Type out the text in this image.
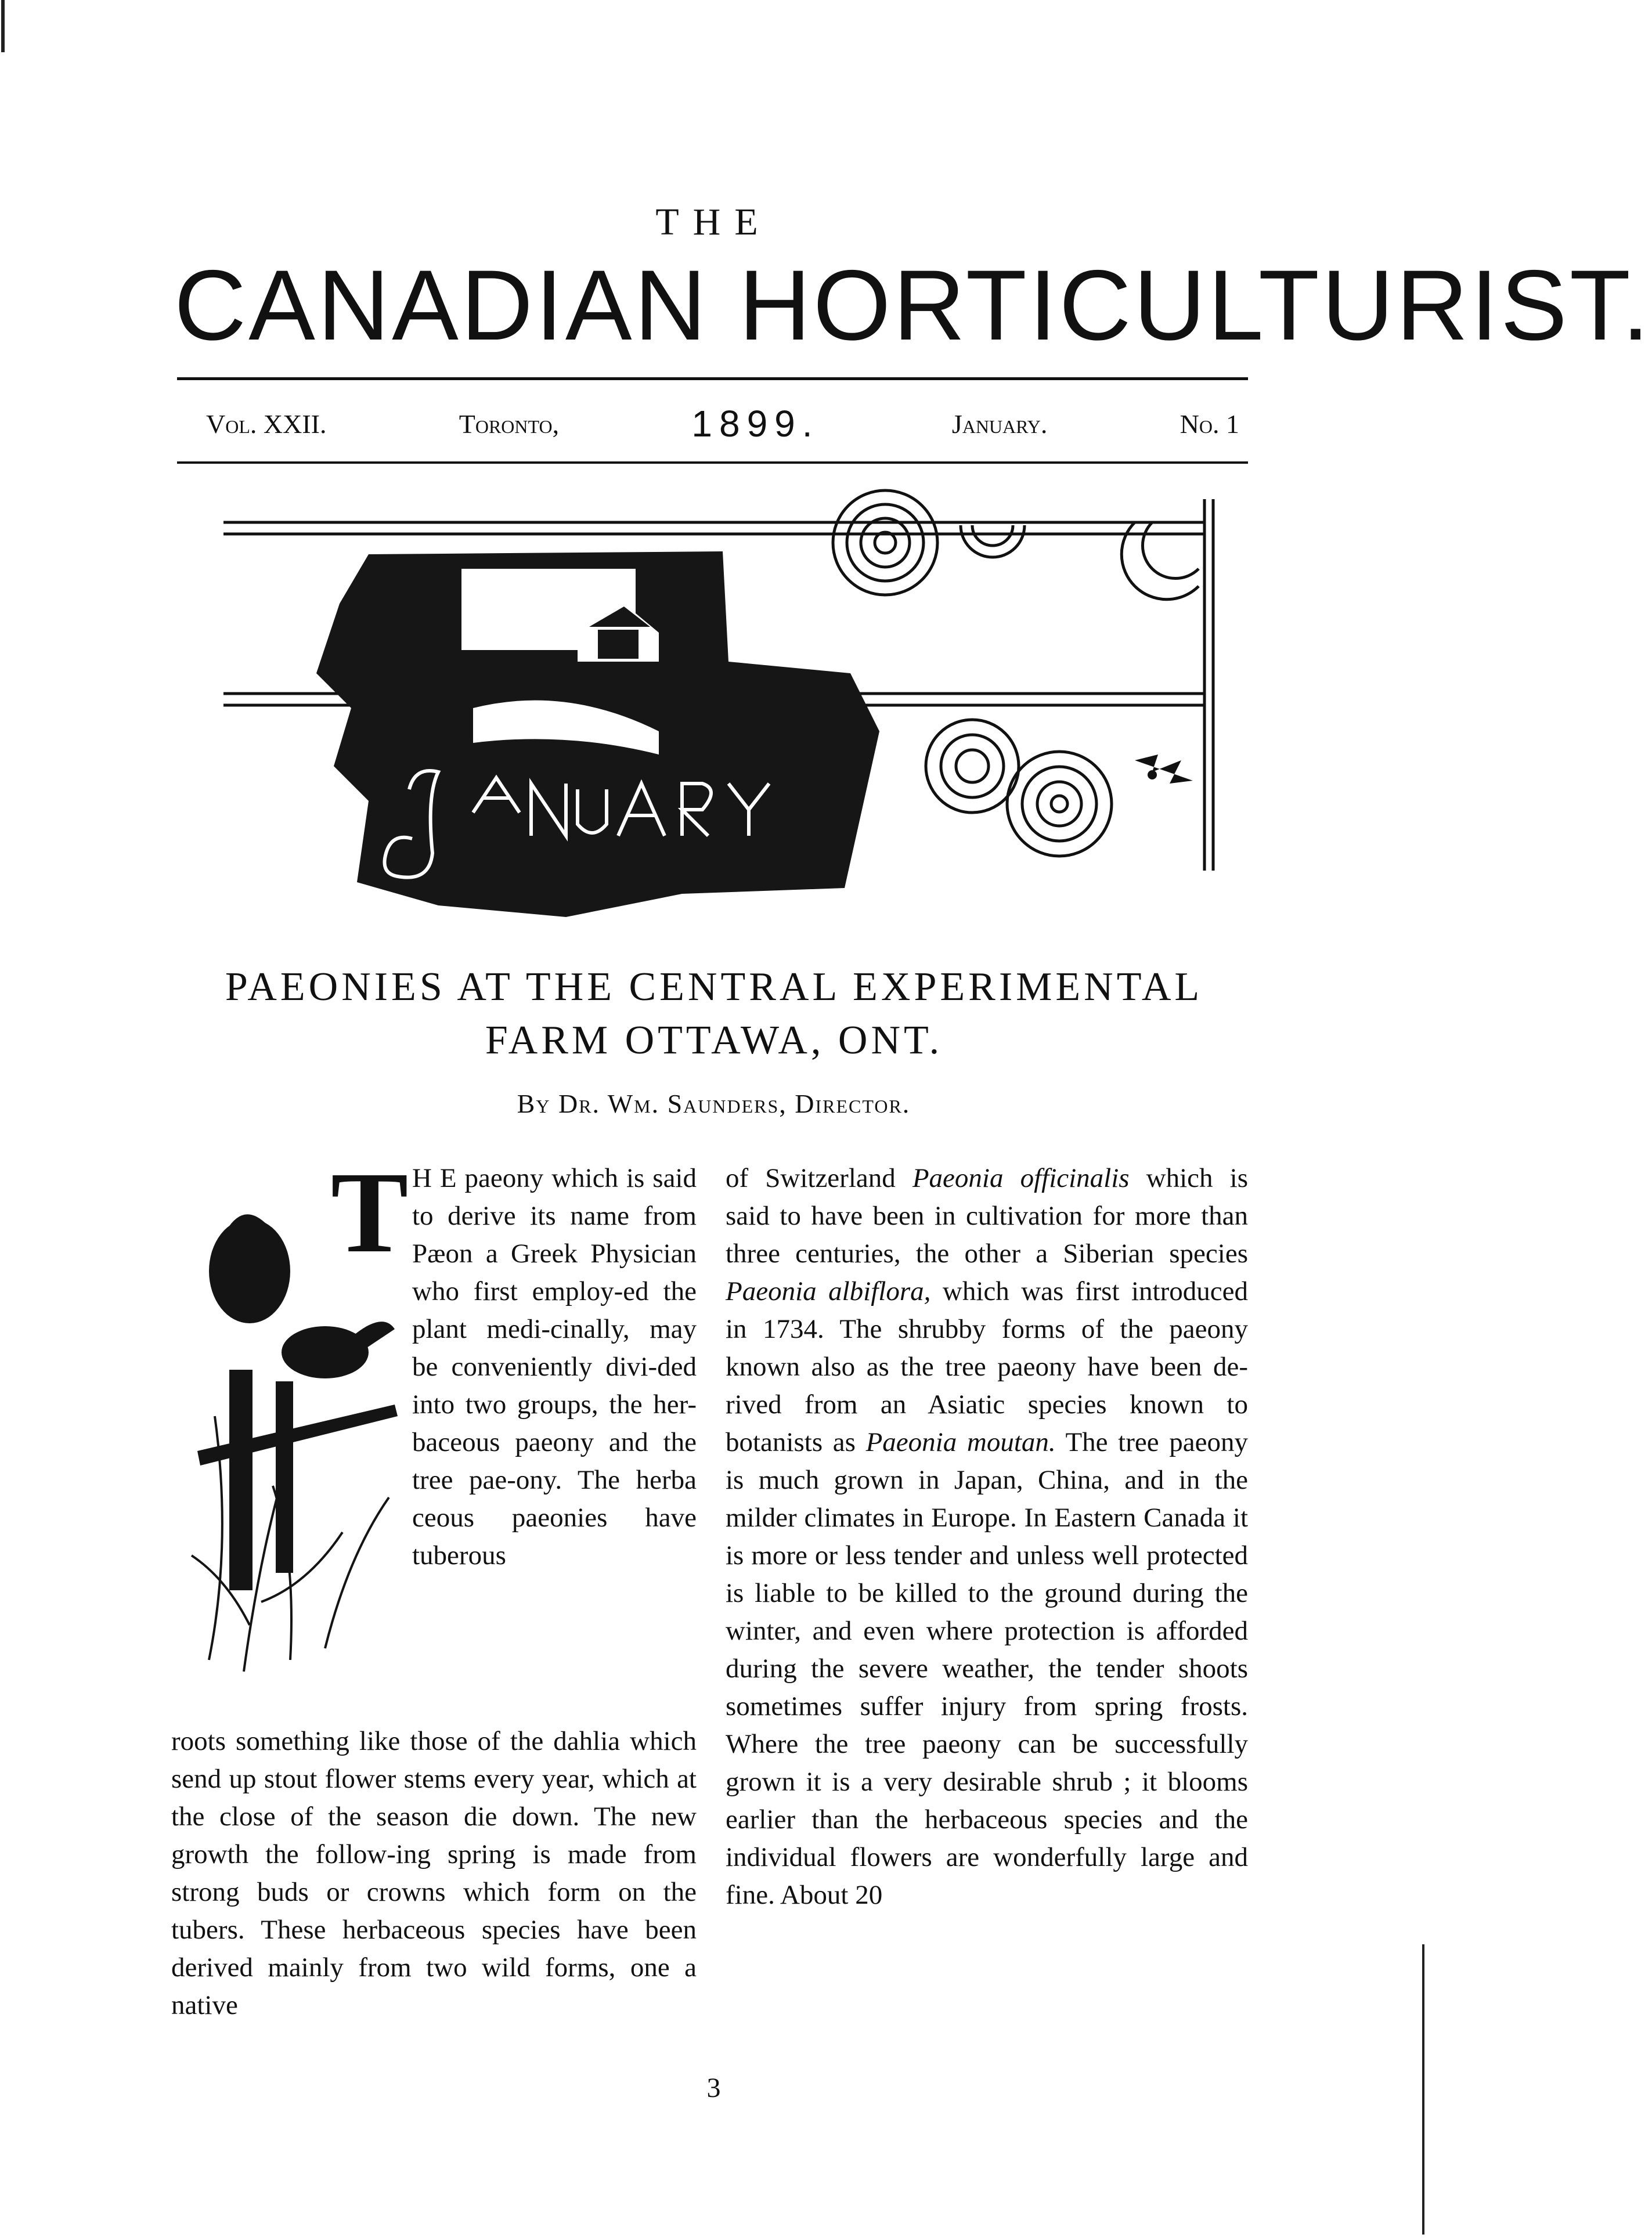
THE
CANADIAN HORTICULTURIST.
Vol. XXII.	Toronto,	1899.	January.	No. 1
PAEONIES AT THE CENTRAL EXPERIMENTAL
FARM OTTAWA, ONT.
By Dr. Wm. Saunders, Director.
T H E paeony which is said to derive its name from Pæon a Greek Physician who first employ-ed the plant medi-cinally, may be conveniently divi-ded into two groups, the her-baceous paeony and the tree pae-ony. The herba ceous paeonies have tuberous

roots something like those of the dahlia which send up stout flower stems every year, which at the close of the season die down. The new growth the follow-ing spring is made from strong buds or crowns which form on the tubers. These herbaceous species have been derived mainly from two wild forms, one a native

of Switzerland Paeonia officinalis which is said to have been in cultivation for more than three centuries, the other a Siberian species Paeonia albiflora, which was first introduced in 1734. The shrubby forms of the paeony known also as the tree paeony have been de-rived from an Asiatic species known to botanists as Paeonia moutan. The tree paeony is much grown in Japan, China, and in the milder climates in Europe. In Eastern Canada it is more or less tender and unless well protected is liable to be killed to the ground during the winter, and even where protection is afforded during the severe weather, the tender shoots sometimes suffer injury from spring frosts. Where the tree paeony can be successfully grown it is a very desirable shrub ; it blooms earlier than the herbaceous species and the individual flowers are wonderfully large and fine. About 20

3
